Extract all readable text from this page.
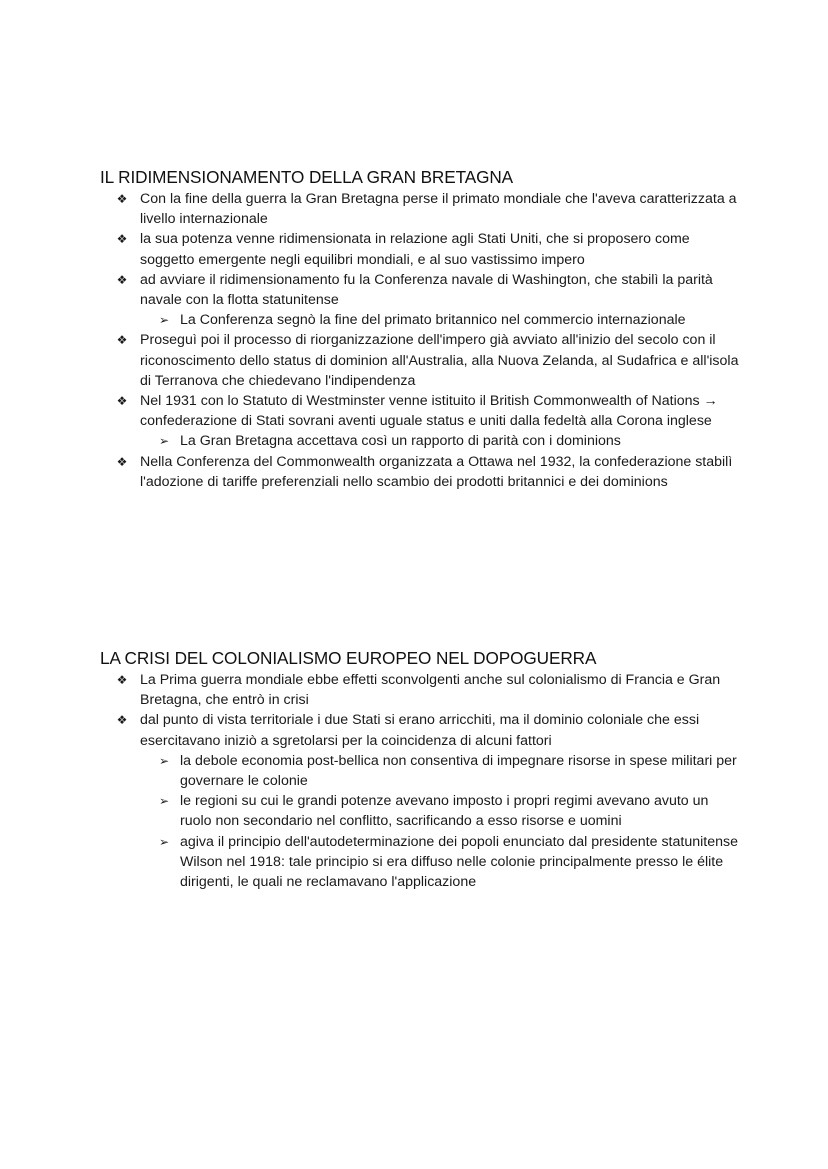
IL RIDIMENSIONAMENTO DELLA GRAN BRETAGNA
❖ Con la fine della guerra la Gran Bretagna perse il primato mondiale che l'aveva caratterizzata a livello internazionale
❖ la sua potenza venne ridimensionata in relazione agli Stati Uniti, che si proposero come soggetto emergente negli equilibri mondiali, e al suo vastissimo impero
❖ ad avviare il ridimensionamento fu la Conferenza navale di Washington, che stabilì la parità navale con la flotta statunitense
➢ La Conferenza segnò la fine del primato britannico nel commercio internazionale
❖ Proseguì poi il processo di riorganizzazione dell'impero già avviato all'inizio del secolo con il riconoscimento dello status di dominion all'Australia, alla Nuova Zelanda, al Sudafrica e all'isola di Terranova che chiedevano l'indipendenza
❖ Nel 1931 con lo Statuto di Westminster venne istituito il British Commonwealth of Nations → confederazione di Stati sovrani aventi uguale status e uniti dalla fedeltà alla Corona inglese
➢ La Gran Bretagna accettava così un rapporto di parità con i dominions
❖ Nella Conferenza del Commonwealth organizzata a Ottawa nel 1932, la confederazione stabilì l'adozione di tariffe preferenziali nello scambio dei prodotti britannici e dei dominions
LA CRISI DEL COLONIALISMO EUROPEO NEL DOPOGUERRA
❖ La Prima guerra mondiale ebbe effetti sconvolgenti anche sul colonialismo di Francia e Gran Bretagna, che entrò in crisi
❖ dal punto di vista territoriale i due Stati si erano arricchiti, ma il dominio coloniale che essi esercitavano iniziò a sgretolarsi per la coincidenza di alcuni fattori
➢ la debole economia post-bellica non consentiva di impegnare risorse in spese militari per governare le colonie
➢ le regioni su cui le grandi potenze avevano imposto i propri regimi avevano avuto un ruolo non secondario nel conflitto, sacrificando a esso risorse e uomini
➢ agiva il principio dell'autodeterminazione dei popoli enunciato dal presidente statunitense Wilson nel 1918: tale principio si era diffuso nelle colonie principalmente presso le élite dirigenti, le quali ne reclamavano l'applicazione
